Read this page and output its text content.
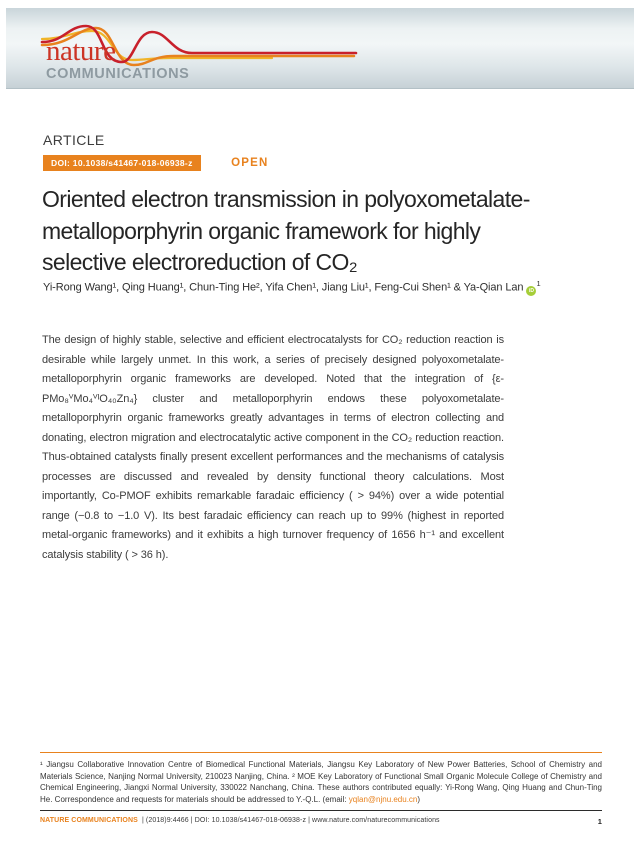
nature
COMMUNICATIONS
ARTICLE
DOI: 10.1038/s41467-018-06938-z	OPEN
Oriented electron transmission in polyoxometalate-
metalloporphyrin organic framework for highly
selective electroreduction of CO₂
Yi-Rong Wang¹, Qing Huang¹, Chun-Ting He², Yifa Chen¹, Jiang Liu¹, Feng-Cui Shen¹ & Ya-Qian Lan $iD^1$

The design of highly stable, selective and efficient electrocatalysts for CO₂ reduction reaction is desirable while largely unmet. In this work, a series of precisely designed polyoxometalate-metalloporphyrin organic frameworks are developed. Noted that the integration of {ε-PMo₈ⱽMo₄ⱽᴵO₄₀Zn₄} cluster and metalloporphyrin endows these polyoxometalate-metalloporphyrin organic frameworks greatly advantages in terms of electron collecting and donating, electron migration and electrocatalytic active component in the CO₂ reduction reaction. Thus-obtained catalysts finally present excellent performances and the mechanisms of catalysis processes are discussed and revealed by density functional theory calculations. Most importantly, Co-PMOF exhibits remarkable faradaic efficiency ( > 94%) over a wide potential range (−0.8 to −1.0 V). Its best faradaic efficiency can reach up to 99% (highest in reported metal-organic frameworks) and it exhibits a high turnover frequency of 1656 h⁻¹ and excellent catalysis stability ( > 36 h).

¹ Jiangsu Collaborative Innovation Centre of Biomedical Functional Materials, Jiangsu Key Laboratory of New Power Batteries, School of Chemistry and Materials Science, Nanjing Normal University, 210023 Nanjing, China. ² MOE Key Laboratory of Functional Small Organic Molecule College of Chemistry and Chemical Engineering, Jiangxi Normal University, 330022 Nanchang, China. These authors contributed equally: Yi-Rong Wang, Qing Huang and Chun-Ting He. Correspondence and requests for materials should be addressed to Y.-Q.L. (email: yqlan@njnu.edu.cn)

NATURE COMMUNICATIONS | (2018)9:4466 | DOI: 10.1038/s41467-018-06938-z | www.nature.com/naturecommunications	1
